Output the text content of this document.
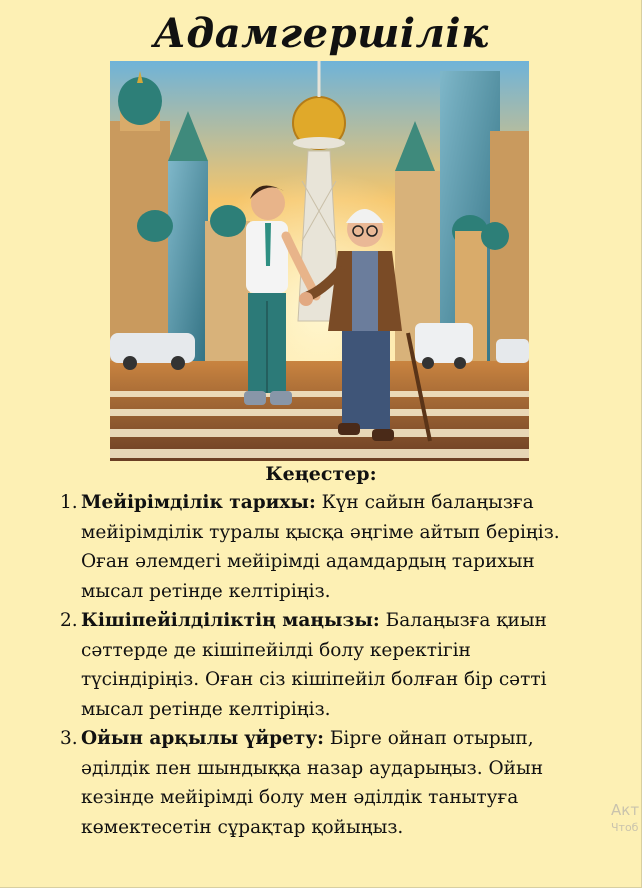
Адамгершілік
Кеңестер:
1. Мейірімділік тарихы: Күн сайын балаңызға мейірімділік туралы қысқа әңгіме айтып беріңіз. Оған әлемдегі мейірімді адамдардың тарихын мысал ретінде келтіріңіз.
2. Кішіпейілділіктің маңызы: Балаңызға қиын сәттерде де кішіпейілді болу керектігін түсіндіріңіз. Оған сіз кішіпейіл болған бір сәтті мысал ретінде келтіріңіз.
3. Ойын арқылы үйрету: Бірге ойнап отырып, әділдік пен шындыққа назар аударыңыз. Ойын кезінде мейірімді болу мен әділдік танытуға көмектесетін сұрақтар қойыңыз.
Акт
Чтоб
